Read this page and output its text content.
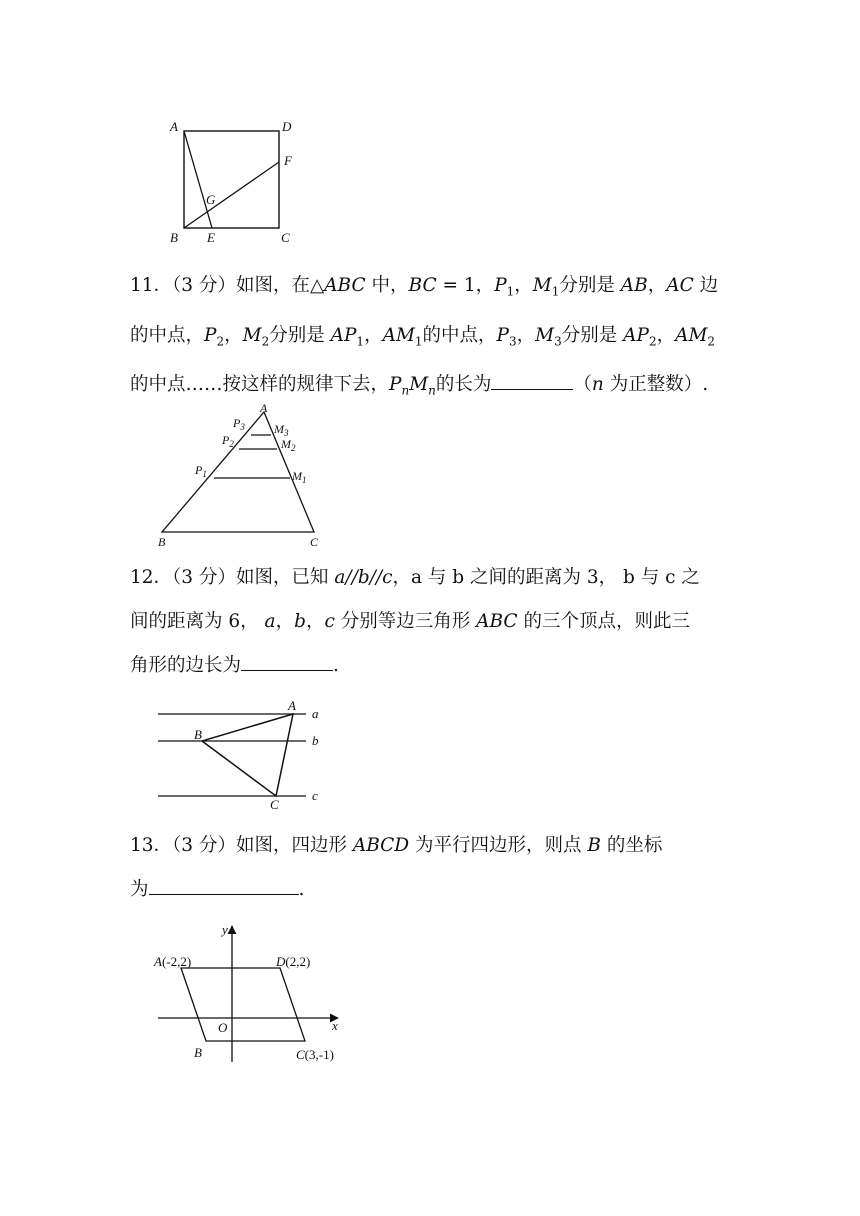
A	D
F
G
B E	C

11．（3 分）如图，在△ABC 中，BC = 1，$P_1$，$M_1$分别是 AB，AC 边
的中点，$P_2$，$M_2$分别是 $AP_1$，$AM_1$的中点，$P_3$，$M_3$分别是 $AP_2$，$AM_2$
的中点……按这样的规律下去，$P_nM_n$的长为	（n 为正整数）.

A
$P_3$ $M_3$
$P_2$	$M_2$
$P_1$	$M_1$
B	C

12．（3 分）如图，已知 a//b//c，a 与 b 之间的距离为 3， b 与 c 之
间的距离为 6， a，b，c 分别等边三角形 ABC 的三个顶点，则此三
角形的边长为	.

A
B
C
a
b
c

13．（3 分）如图，四边形 ABCD 为平行四边形，则点 B 的坐标
为	.

y
x
O
A(-2,2)	D(2,2)
B	C(3,-1)
